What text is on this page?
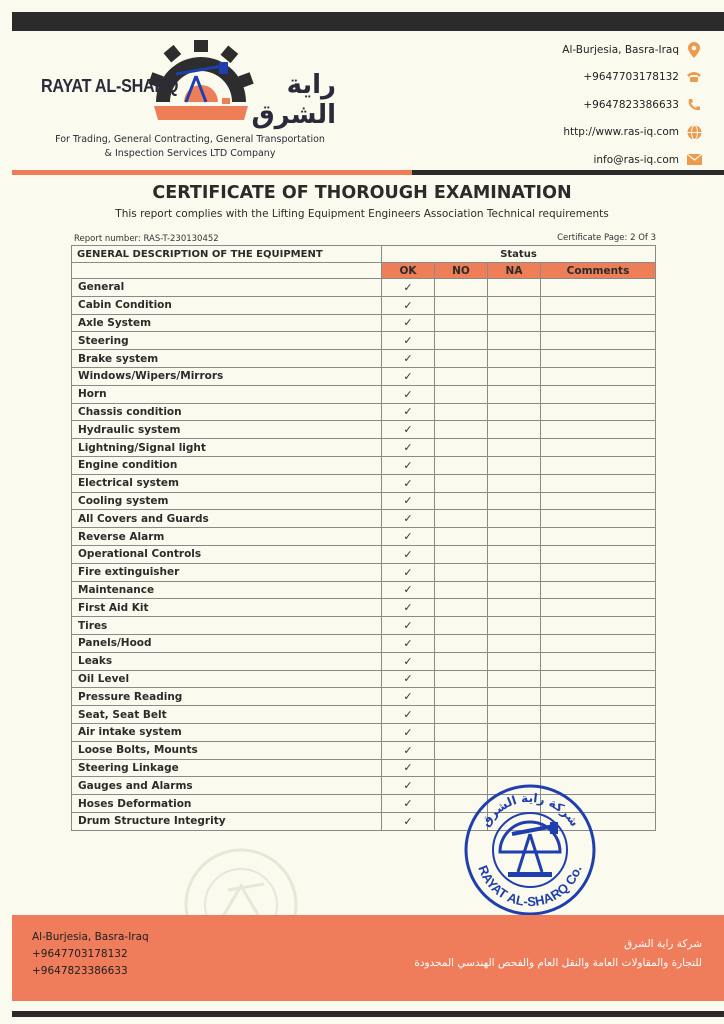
RAYAT AL-SHARQ	راية الشرق
For Trading, General Contracting, General Transportation
& Inspection Services LTD Company
Al-Burjesia, Basra-Iraq
+9647703178132
+9647823386633
http://www.ras-iq.com
info@ras-iq.com
CERTIFICATE OF THOROUGH EXAMINATION
This report complies with the Lifting Equipment Engineers Association Technical requirements
Report number: RAS-T-230130452	Certificate Page: 2 Of 3
GENERAL DESCRIPTION OF THE EQUIPMENT	Status			
	OK	NO	NA	Comments
General	✓			
Cabin Condition	✓			
Axle System	✓			
Steering	✓			
Brake system	✓			
Windows/Wipers/Mirrors	✓			
Horn	✓			
Chassis condition	✓			
Hydraulic system	✓			
Lightning/Signal light	✓			
Engine condition	✓			
Electrical system	✓			
Cooling system	✓			
All Covers and Guards	✓			
Reverse Alarm	✓			
Operational Controls	✓			
Fire extinguisher	✓			
Maintenance	✓			
First Aid Kit	✓			
Tires	✓			
Panels/Hood	✓			
Leaks	✓			
Oil Level	✓			
Pressure Reading	✓			
Seat, Seat Belt	✓			
Air intake system	✓			
Loose Bolts, Mounts	✓			
Steering Linkage	✓			
Gauges and Alarms	✓			
Hoses Deformation	✓			
Drum Structure Integrity	✓				شركة راية الشرق
RAYAT AL-SHARQ Co.
Al-Burjesia, Basra-Iraq
+9647703178132
+9647823386633
شركة راية الشرق
للتجارة والمقاولات العامة والنقل العام والفحص الهندسي المحدودة
